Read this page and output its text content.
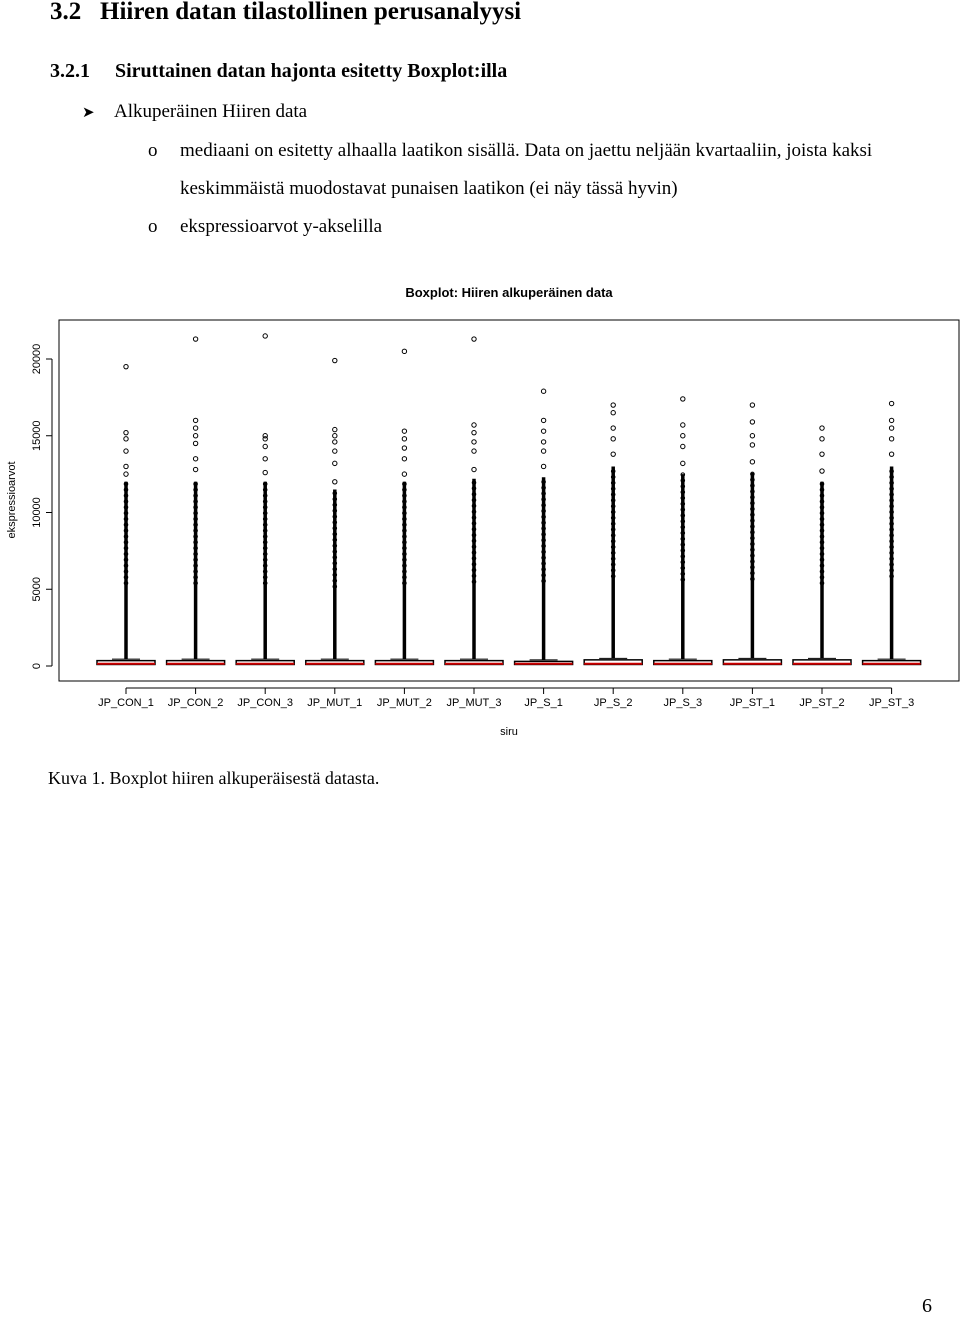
3.2 Hiiren datan tilastollinen perusanalyysi
3.2.1 Siruttainen datan hajonta esitetty Boxplot:illa
➤ Alkuperäinen Hiiren data
o mediaani on esitetty alhaalla laatikon sisällä. Data on jaettu neljään kvartaaliin, joista kaksi keskimmäistä muodostavat punaisen laatikon (ei näy tässä hyvin)
o ekspressioarvot y-akselilla
Boxplot: Hiiren alkuperäinen data
ekspressioarvot
siru
0
5000
10000
15000
20000
JP_CON_1 JP_CON_2 JP_CON_3 JP_MUT_1 JP_MUT_2 JP_MUT_3 JP_S_1	JP_S_2	JP_S_3	JP_ST_1 JP_ST_2 JP_ST_3
Kuva 1. Boxplot hiiren alkuperäisestä datasta.
6
